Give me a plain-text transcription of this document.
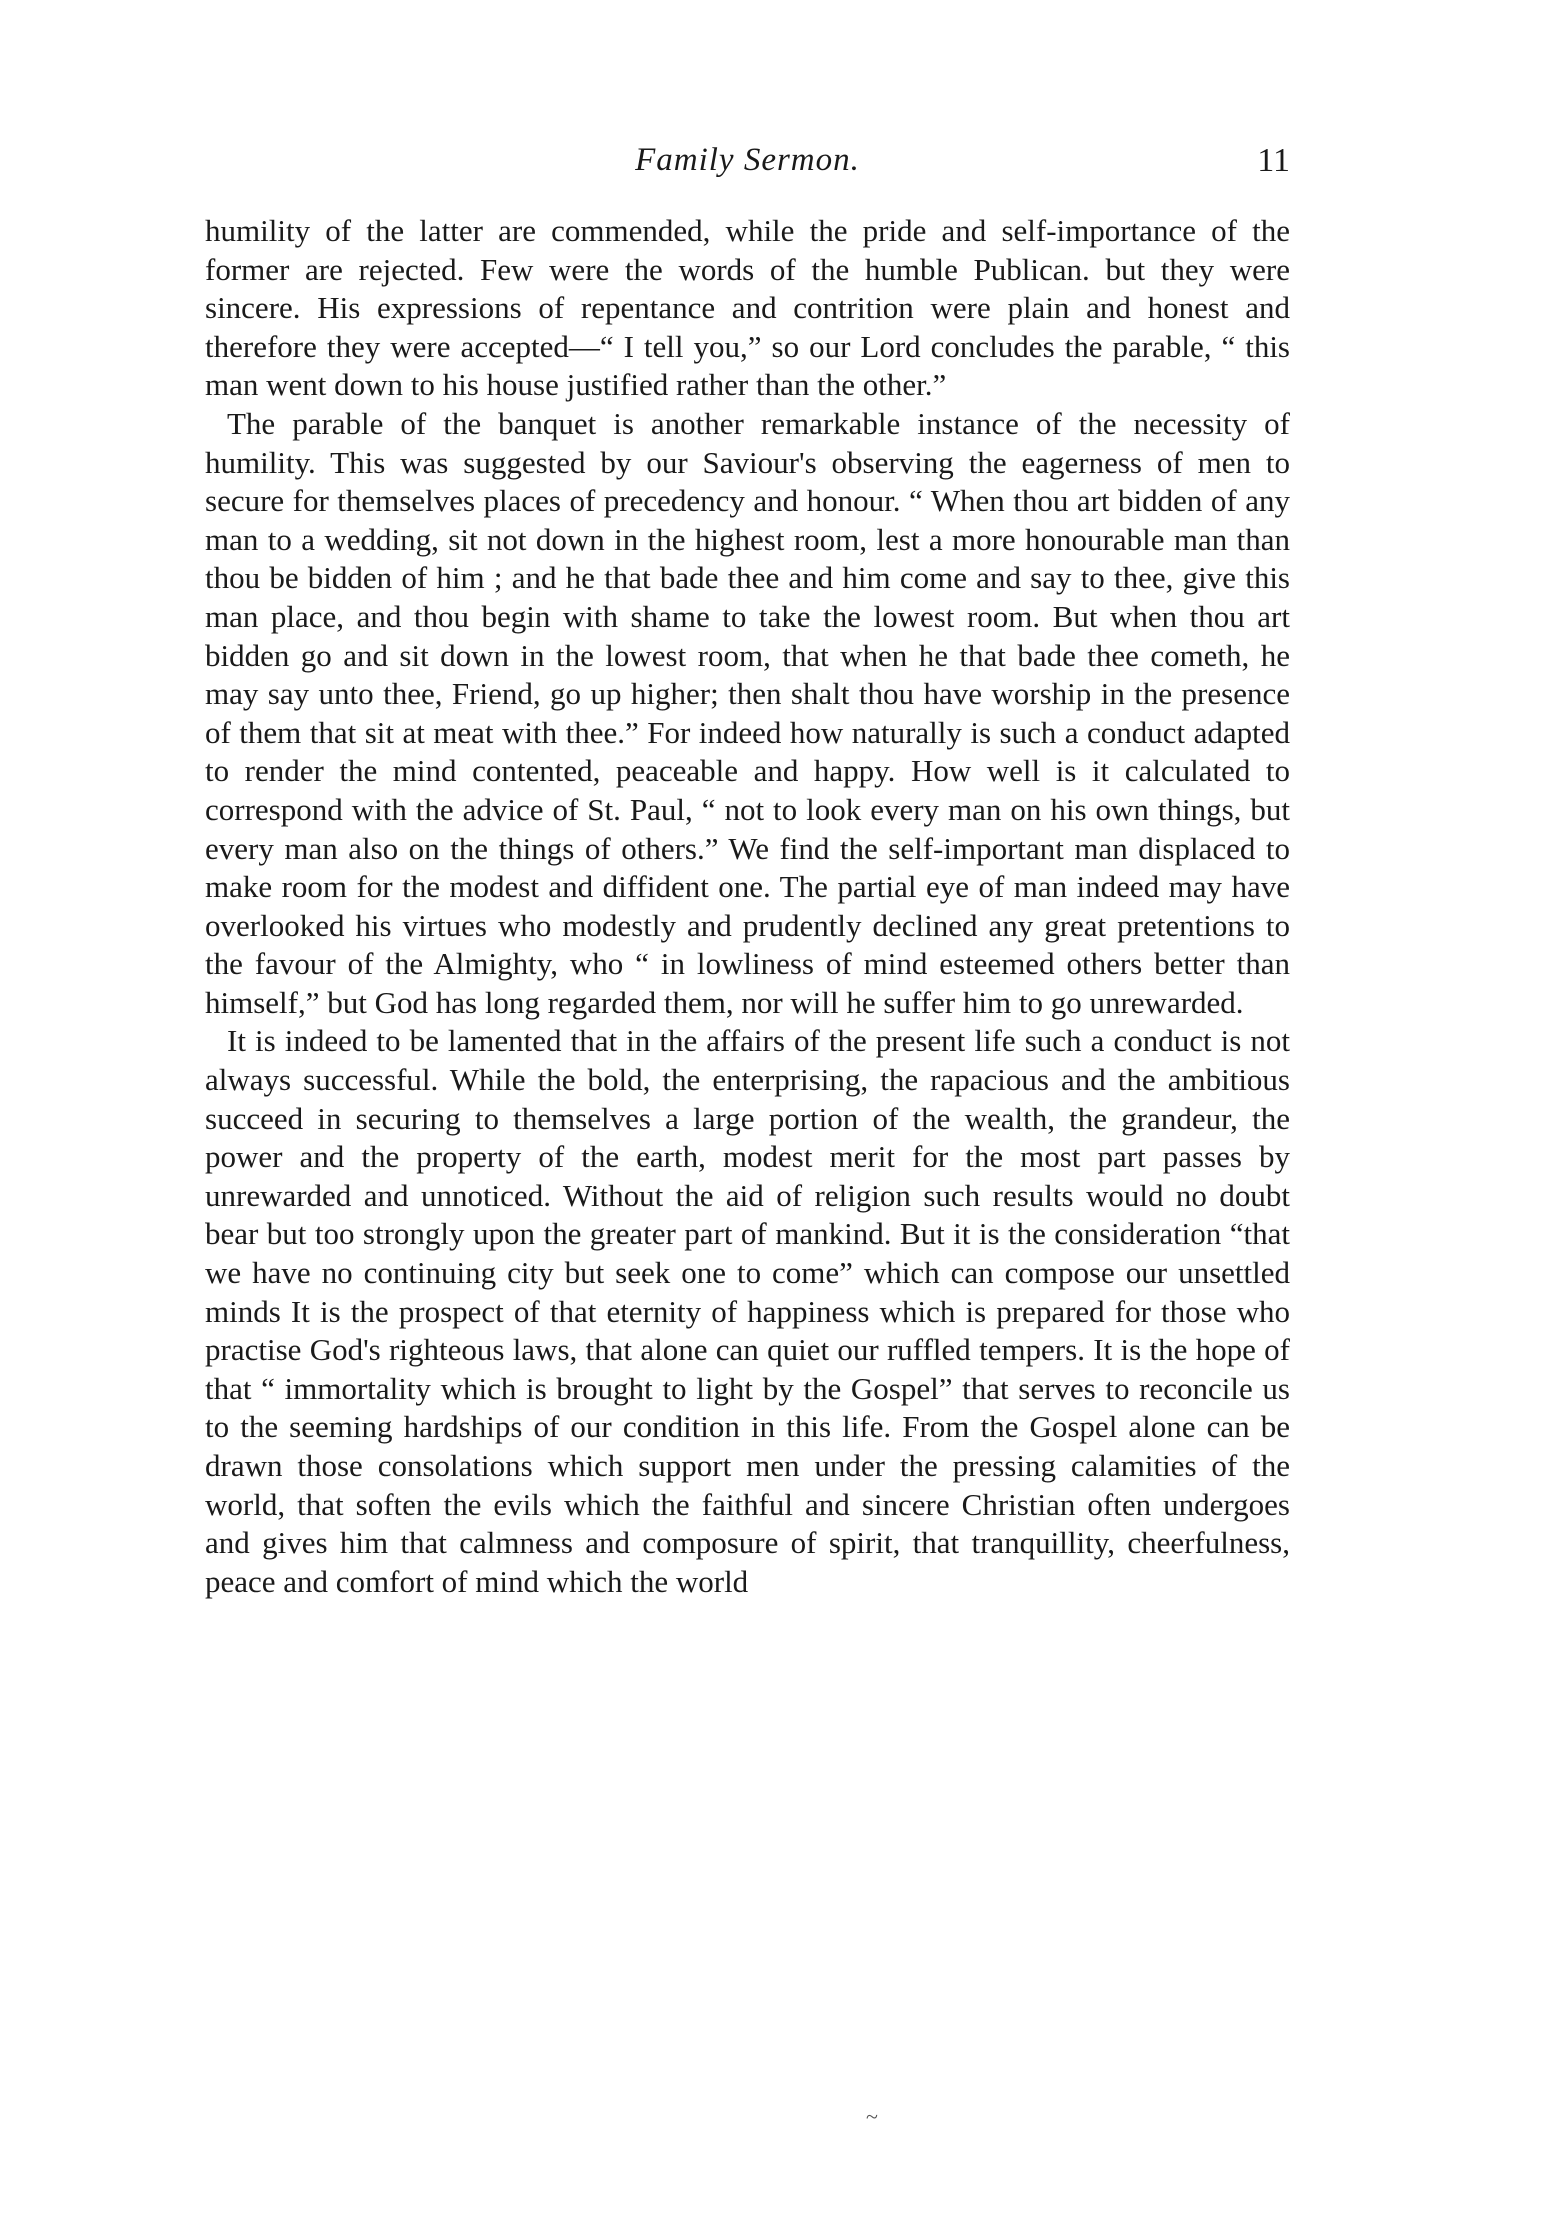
Family Sermon.	11

humility of the latter are commended, while the pride and self-importance of the former are rejected. Few were the words of the humble Publican. but they were sincere. His expressions of repentance and contrition were plain and honest and therefore they were accepted—“ I tell you,” so our Lord concludes the parable, “ this man went down to his house justified rather than the other.”

The parable of the banquet is another remarkable instance of the necessity of humility. This was suggested by our Saviour's observing the eagerness of men to secure for themselves places of precedency and honour. “ When thou art bidden of any man to a wedding, sit not down in the highest room, lest a more honourable man than thou be bidden of him ; and he that bade thee and him come and say to thee, give this man place, and thou begin with shame to take the lowest room. But when thou art bidden go and sit down in the lowest room, that when he that bade thee cometh, he may say unto thee, Friend, go up higher; then shalt thou have worship in the presence of them that sit at meat with thee.” For indeed how naturally is such a conduct adapted to render the mind contented, peaceable and happy. How well is it calculated to correspond with the advice of St. Paul, “ not to look every man on his own things, but every man also on the things of others.” We find the self-important man displaced to make room for the modest and diffident one. The partial eye of man indeed may have overlooked his virtues who modestly and prudently declined any great pretentions to the favour of the Almighty, who “ in lowliness of mind esteemed others better than himself,” but God has long regarded them, nor will he suffer him to go unrewarded.

It is indeed to be lamented that in the affairs of the present life such a conduct is not always successful. While the bold, the enterprising, the rapacious and the ambitious succeed in securing to themselves a large portion of the wealth, the grandeur, the power and the property of the earth, modest merit for the most part passes by unrewarded and unnoticed. Without the aid of religion such results would no doubt bear but too strongly upon the greater part of mankind. But it is the consideration “that we have no continuing city but seek one to come” which can compose our unsettled minds It is the prospect of that eternity of happiness which is prepared for those who practise God's righteous laws, that alone can quiet our ruffled tempers. It is the hope of that “ immortality which is brought to light by the Gospel” that serves to reconcile us to the seeming hardships of our condition in this life. From the Gospel alone can be drawn those consolations which support men under the pressing calamities of the world, that soften the evils which the faithful and sincere Christian often undergoes and gives him that calmness and composure of spirit, that tranquillity, cheerfulness, peace and comfort of mind which the world

~
